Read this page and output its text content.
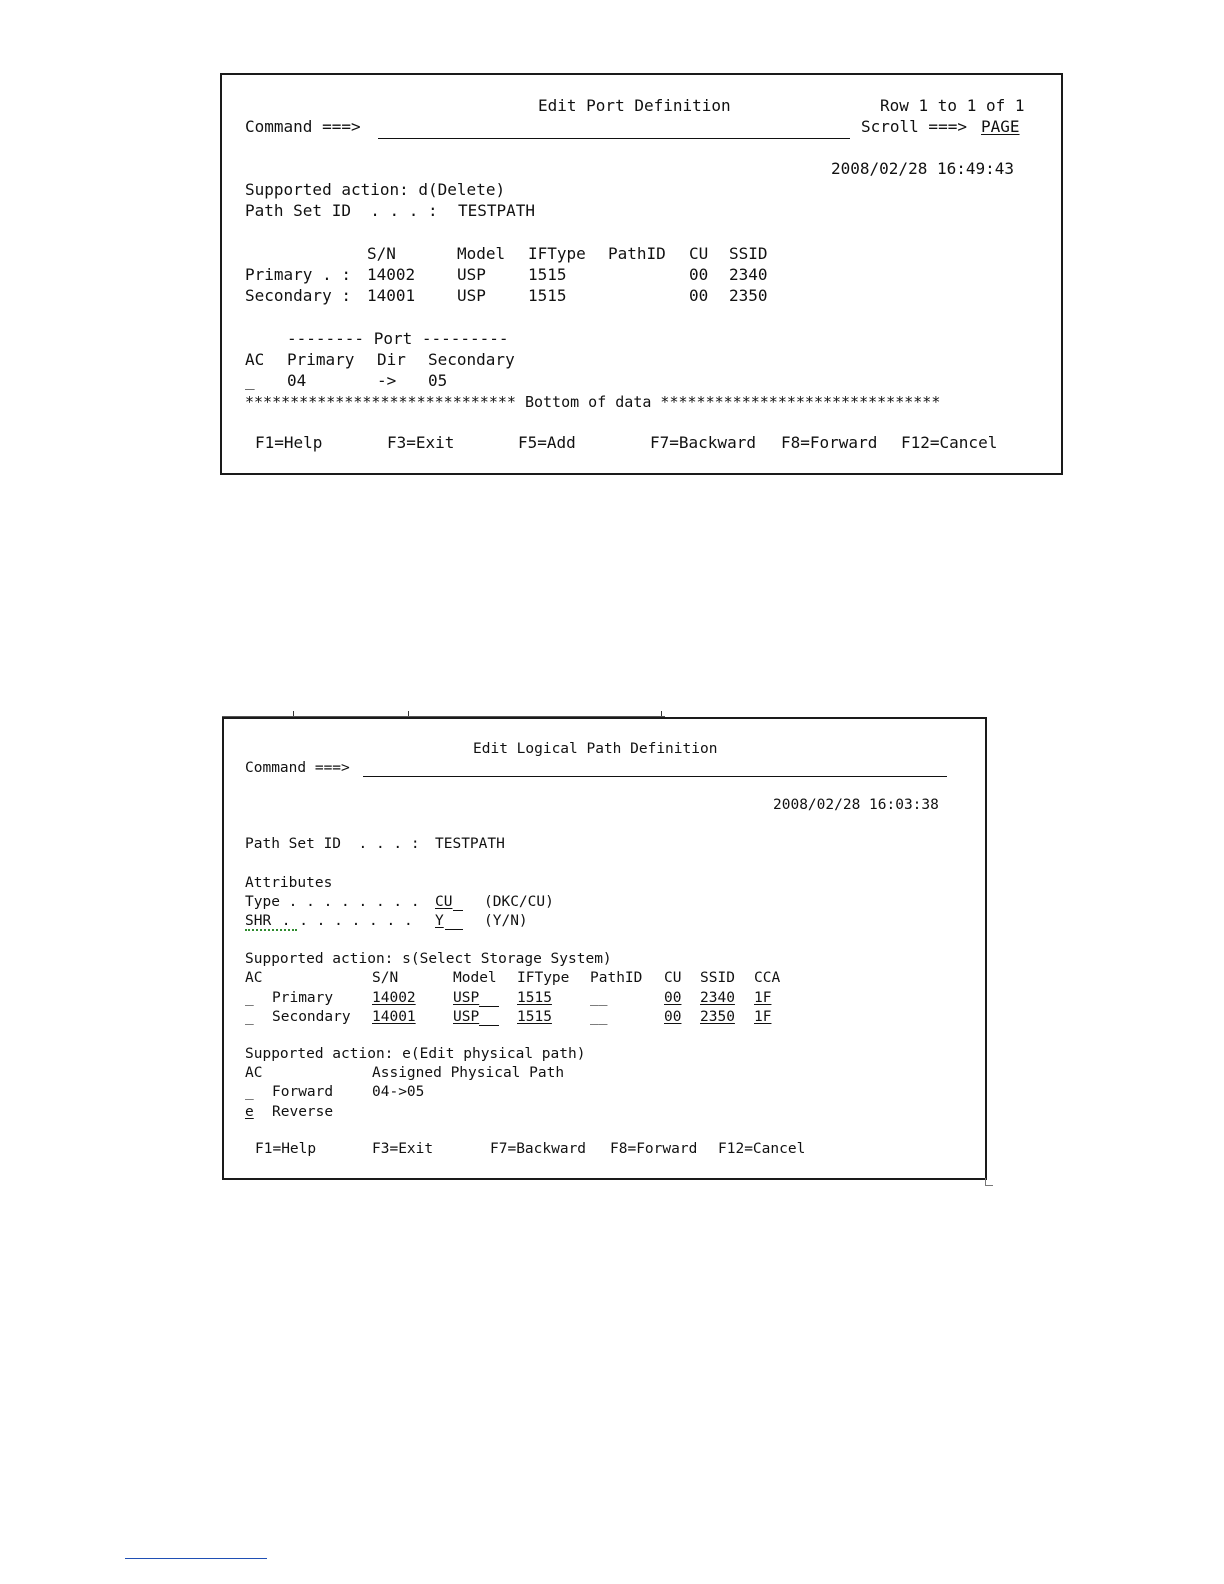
Edit Port Definition	Row 1 to 1 of 1
Command ===>	Scroll ===> PAGE
2008/02/28 16:49:43
Supported action: d(Delete)
Path Set ID  . . . : TESTPATH
S/N	Model IFType PathID CU SSID
Primary . : 14002	USP	1515	00 2340
Secondary : 14001	USP	1515	00 2350
-------- Port ---------
AC Primary Dir Secondary
_ 04	-> 05
****************************** Bottom of data *******************************
F1=Help	F3=Exit	F5=Add	F7=Backward F8=Forward F12=Cancel
Edit Logical Path Definition
Command ===>
2008/02/28 16:03:38
Path Set ID  . . . : TESTPATH
Attributes
Type . . . . . . . . CU (DKC/CU)
SHR . . . . . . . . Y	(Y/N)
Supported action: s(Select Storage System)
AC	S/N	Model IFType PathID CU SSID CCA
_ Primary	14002	USP	1515	__	00 2340 1F
_ Secondary 14001	USP	1515	__	00 2350 1F
Supported action: e(Edit physical path)
AC	Assigned Physical Path
_ Forward	04->05
e Reverse
F1=Help	F3=Exit	F7=Backward F8=Forward F12=Cancel
